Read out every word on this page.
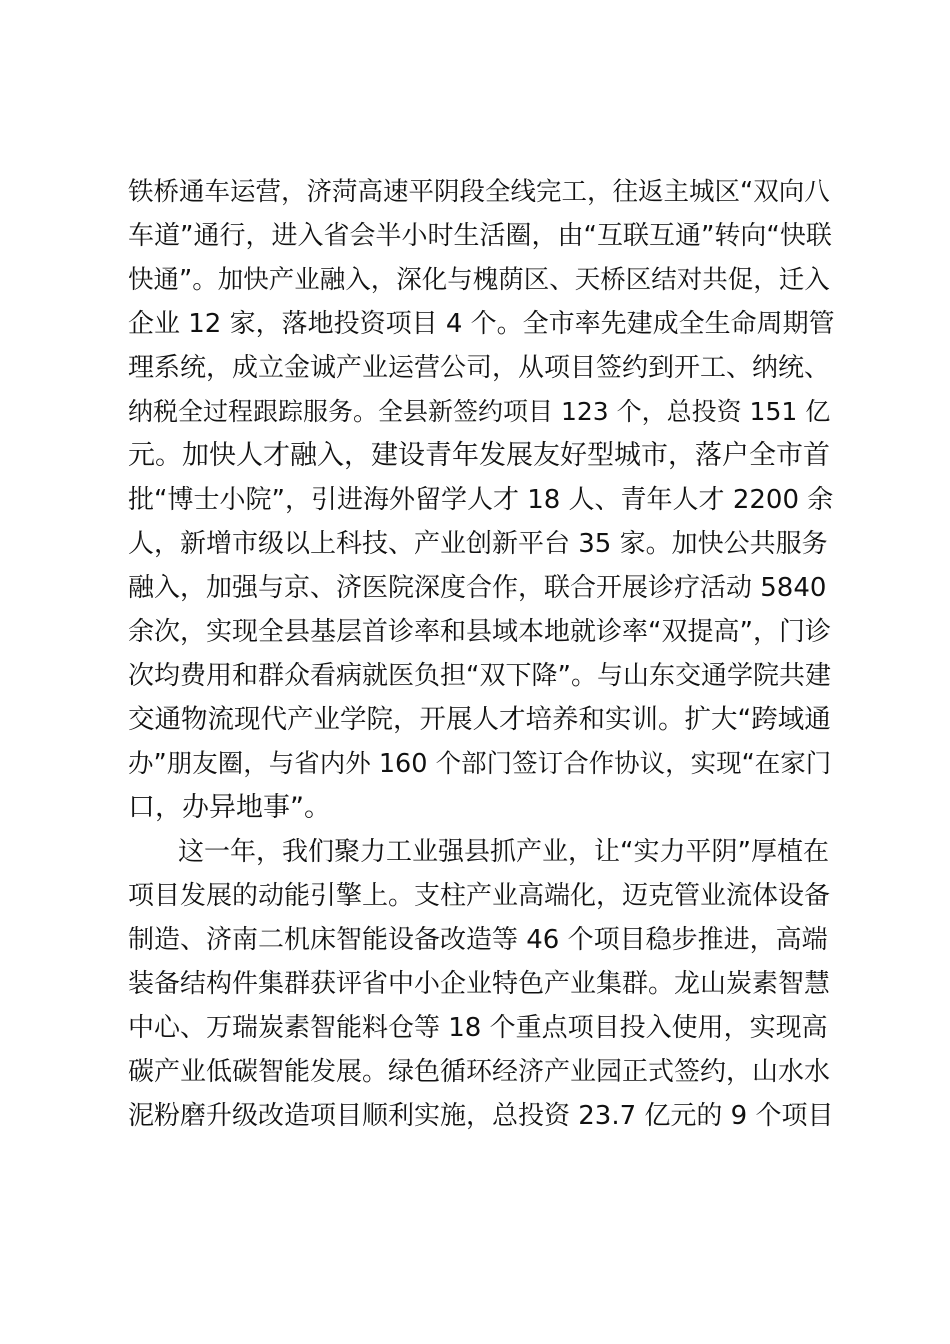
铁桥通车运营，济菏高速平阴段全线完工，往返主城区“双向八
车道”通行，进入省会半小时生活圈，由“互联互通”转向“快联
快通”。加快产业融入，深化与槐荫区、天桥区结对共促，迁入
企业 12 家，落地投资项目 4 个。全市率先建成全生命周期管
理系统，成立金诚产业运营公司，从项目签约到开工、纳统、
纳税全过程跟踪服务。全县新签约项目 123 个，总投资 151 亿
元。加快人才融入，建设青年发展友好型城市，落户全市首
批“博士小院”，引进海外留学人才 18 人、青年人才 2200 余
人，新增市级以上科技、产业创新平台 35 家。加快公共服务
融入，加强与京、济医院深度合作，联合开展诊疗活动 5840
余次，实现全县基层首诊率和县域本地就诊率“双提高”，门诊
次均费用和群众看病就医负担“双下降”。与山东交通学院共建
交通物流现代产业学院，开展人才培养和实训。扩大“跨域通
办”朋友圈，与省内外 160 个部门签订合作协议，实现“在家门
口，办异地事”。
这一年，我们聚力工业强县抓产业，让“实力平阴”厚植在
项目发展的动能引擎上。支柱产业高端化，迈克管业流体设备
制造、济南二机床智能设备改造等 46 个项目稳步推进，高端
装备结构件集群获评省中小企业特色产业集群。龙山炭素智慧
中心、万瑞炭素智能料仓等 18 个重点项目投入使用，实现高
碳产业低碳智能发展。绿色循环经济产业园正式签约，山水水
泥粉磨升级改造项目顺利实施，总投资 23.7 亿元的 9 个项目
